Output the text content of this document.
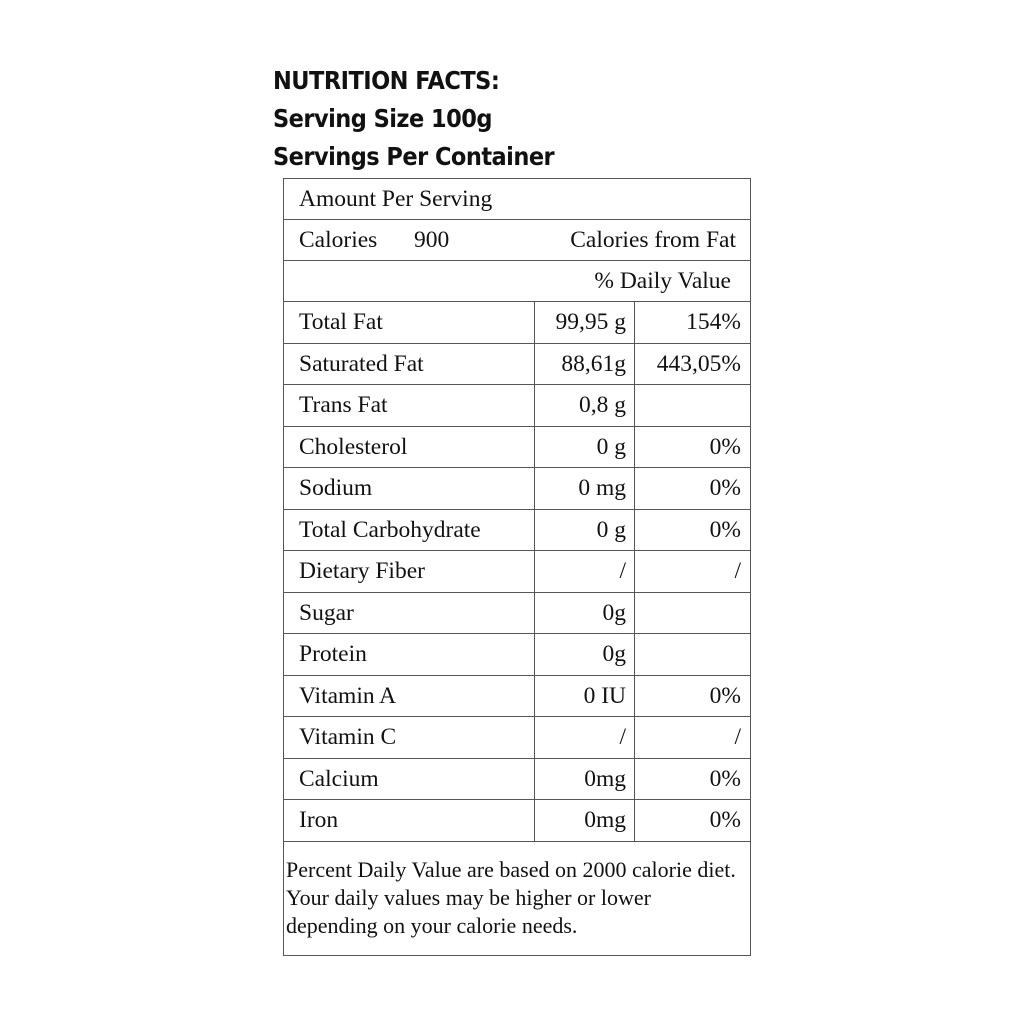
NUTRITION FACTS:
Serving Size 100g
Servings Per Container
Amount Per Serving
Calories 900	Calories from Fat
% Daily Value
Total Fat	99,95 g	154%
Saturated Fat	88,61g	443,05%
Trans Fat	0,8 g
Cholesterol	0 g	0%
Sodium	0 mg	0%
Total Carbohydrate	0 g	0%
Dietary Fiber	/	/
Sugar	0g
Protein	0g
Vitamin A	0 IU	0%
Vitamin C	/	/
Calcium	0mg	0%
Iron	0mg	0%
Percent Daily Value are based on 2000 calorie diet. Your daily values may be higher or lower depending on your calorie needs.
